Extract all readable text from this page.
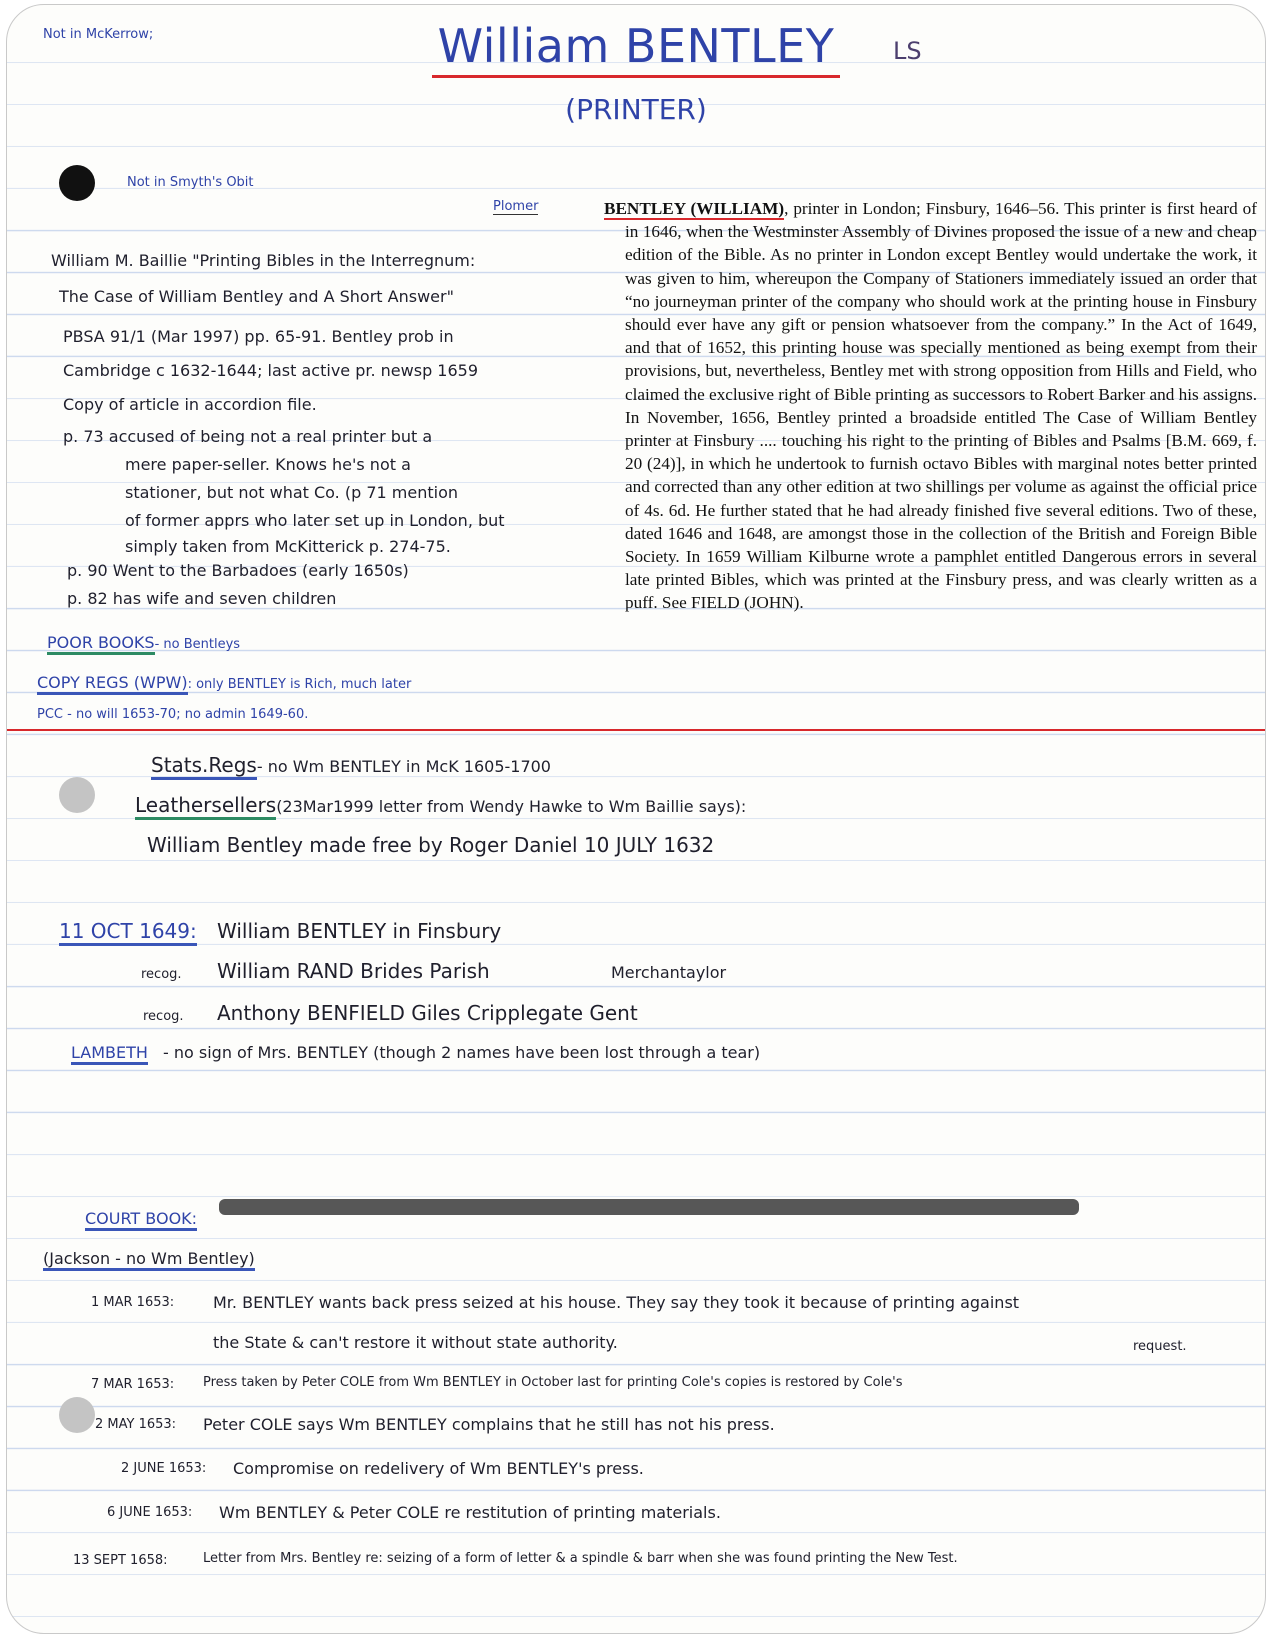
Not in McKerrow;	William BENTLEY	LS

(PRINTER)

Not in Smyth's Obit

Plomer

William M. Baillie "Printing Bibles in the Interregnum:

The Case of William Bentley and A Short Answer"

PBSA 91/1 (Mar 1997) pp. 65-91. Bentley prob in

Cambridge c 1632-1644; last active pr. newsp 1659

Copy of article in accordion file.

p. 73 accused of being not a real printer but a

mere paper-seller. Knows he's not a

stationer, but not what Co. (p 71 mention

of former apprs who later set up in London, but

simply taken from McKitterick p. 274-75.

p. 90 Went to the Barbadoes (early 1650s)

p. 82 has wife and seven children

POOR BOOKS- no Bentleys

COPY REGS (WPW): only BENTLEY is Rich, much later

PCC - no will 1653-70; no admin 1649-60.

BENTLEY (WILLIAM), printer in London; Finsbury, 1646–56. This printer is first heard of in 1646, when the Westminster Assembly of Divines proposed the issue of a new and cheap edition of the Bible. As no printer in London except Bentley would undertake the work, it was given to him, whereupon the Company of Stationers immediately issued an order that “no journeyman printer of the company who should work at the printing house in Finsbury should ever have any gift or pension whatsoever from the company.” In the Act of 1649, and that of 1652, this printing house was specially mentioned as being exempt from their provisions, but, nevertheless, Bentley met with strong opposition from Hills and Field, who claimed the exclusive right of Bible printing as successors to Robert Barker and his assigns. In November, 1656, Bentley printed a broadside entitled The Case of William Bentley printer at Finsbury .... touching his right to the printing of Bibles and Psalms [B.M. 669, f. 20 (24)], in which he undertook to furnish octavo Bibles with marginal notes better printed and corrected than any other edition at two shillings per volume as against the official price of 4s. 6d. He further stated that he had already finished five several editions. Two of these, dated 1646 and 1648, are amongst those in the collection of the British and Foreign Bible Society. In 1659 William Kilburne wrote a pamphlet entitled Dangerous errors in several late printed Bibles, which was printed at the Finsbury press, and was clearly written as a puff. See FIELD (JOHN).

Stats.Regs- no Wm BENTLEY in McK 1605-1700

Leathersellers(23Mar1999 letter from Wendy Hawke to Wm Baillie says):

William Bentley made free by Roger Daniel 10 JULY 1632

11 OCT 1649: William BENTLEY in Finsbury

recog. William RAND Brides Parish	Merchantaylor

recog. Anthony BENFIELD Giles Cripplegate Gent

LAMBETH - no sign of Mrs. BENTLEY (though 2 names have been lost through a tear)

COURT BOOK:

(Jackson - no Wm Bentley)

1 MAR 1653: Mr. BENTLEY wants back press seized at his house. They say they took it because of printing against

the State & can't restore it without state authority.	request.

7 MAR 1653: Press taken by Peter COLE from Wm BENTLEY in October last for printing Cole's copies is restored by Cole's

2 MAY 1653: Peter COLE says Wm BENTLEY complains that he still has not his press.

2 JUNE 1653: Compromise on redelivery of Wm BENTLEY's press.

6 JUNE 1653: Wm BENTLEY & Peter COLE re restitution of printing materials.

13 SEPT 1658:	Letter from Mrs. Bentley re: seizing of a form of letter & a spindle & barr when she was found printing the New Test.
